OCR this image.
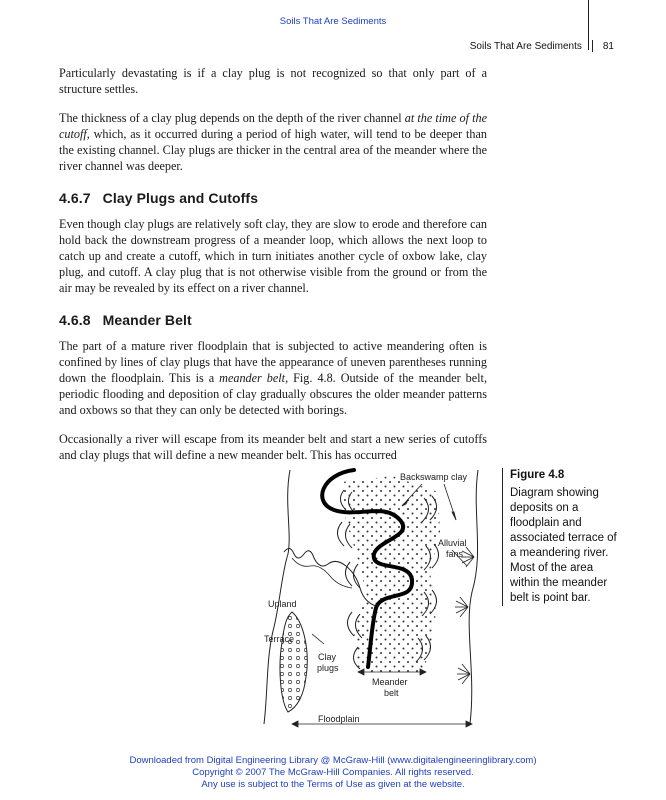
Soils That Are Sediments
Soils That Are Sediments 81

Particularly devastating is if a clay plug is not recognized so that only part of a structure settles.

The thickness of a clay plug depends on the depth of the river channel at the time of the cutoff, which, as it occurred during a period of high water, will tend to be deeper than the existing channel. Clay plugs are thicker in the central area of the meander where the river channel was deeper.

4.6.7 Clay Plugs and Cutoffs

Even though clay plugs are relatively soft clay, they are slow to erode and therefore can hold back the downstream progress of a meander loop, which allows the next loop to catch up and create a cutoff, which in turn initiates another cycle of oxbow lake, clay plug, and cutoff. A clay plug that is not otherwise visible from the ground or from the air may be revealed by its effect on a river channel.

4.6.8 Meander Belt

The part of a mature river floodplain that is subjected to active meandering often is confined by lines of clay plugs that have the appearance of uneven parentheses running down the floodplain. This is a meander belt, Fig. 4.8. Outside of the meander belt, periodic flooding and deposition of clay gradually obscures the older meander patterns and oxbows so that they can only be detected with borings.

Occasionally a river will escape from its meander belt and start a new series of cutoffs and clay plugs that will define a new meander belt. This has occurred

Backswamp clay
Alluvial
fans
Upland
Terrace
Clay
plugs
Meander
belt
Floodplain
Figure 4.8
Diagram showing deposits on a floodplain and associated terrace of a meandering river. Most of the area within the meander belt is point bar.
Downloaded from Digital Engineering Library @ McGraw-Hill (www.digitalengineeringlibrary.com)
Copyright © 2007 The McGraw-Hill Companies. All rights reserved.
Any use is subject to the Terms of Use as given at the website.
